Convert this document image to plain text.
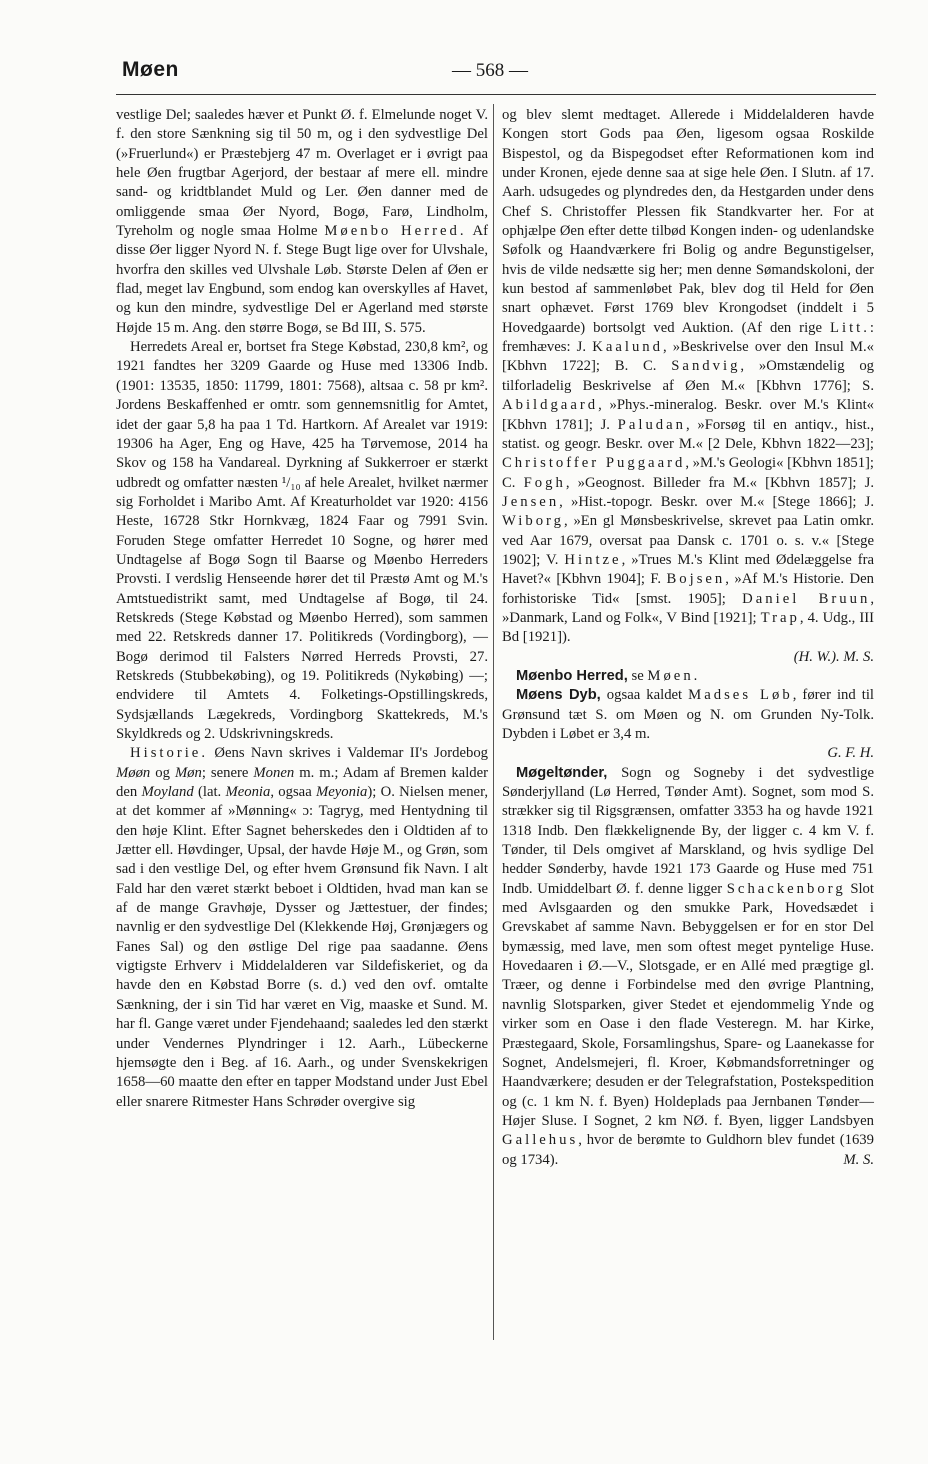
Møen	— 568 —

vestlige Del; saaledes hæver et Punkt Ø. f. Elmelunde noget V. f. den store Sænkning sig til 50 m, og i den sydvestlige Del (»Fruerlund«) er Præstebjerg 47 m. Overlaget er i øvrigt paa hele Øen frugtbar Agerjord, der bestaar af mere ell. mindre sand- og kridtblandet Muld og Ler. Øen danner med de omliggende smaa Øer Nyord, Bogø, Farø, Lindholm, Tyreholm og nogle smaa Holme Møenbo Herred. Af disse Øer ligger Nyord N. f. Stege Bugt lige over for Ulvshale, hvorfra den skilles ved Ulvshale Løb. Største Delen af Øen er flad, meget lav Engbund, som endog kan overskylles af Havet, og kun den mindre, sydvestlige Del er Agerland med største Højde 15 m. Ang. den større Bogø, se Bd III, S. 575.

Herredets Areal er, bortset fra Stege Købstad, 230,8 km², og 1921 fandtes her 3209 Gaarde og Huse med 13306 Indb. (1901: 13535, 1850: 11799, 1801: 7568), altsaa c. 58 pr km². Jordens Beskaffenhed er omtr. som gennemsnitlig for Amtet, idet der gaar 5,8 ha paa 1 Td. Hartkorn. Af Arealet var 1919: 19306 ha Ager, Eng og Have, 425 ha Tørvemose, 2014 ha Skov og 158 ha Vandareal. Dyrkning af Sukkerroer er stærkt udbredt og omfatter næsten ¹/₁₀ af hele Arealet, hvilket nærmer sig Forholdet i Maribo Amt. Af Kreaturholdet var 1920: 4156 Heste, 16728 Stkr Hornkvæg, 1824 Faar og 7991 Svin. Foruden Stege omfatter Herredet 10 Sogne, og hører med Undtagelse af Bogø Sogn til Baarse og Møenbo Herreders Provsti. I verdslig Henseende hører det til Præstø Amt og M.'s Amtstuedistrikt samt, med Undtagelse af Bogø, til 24. Retskreds (Stege Købstad og Møenbo Herred), som sammen med 22. Retskreds danner 17. Politikreds (Vordingborg), — Bogø derimod til Falsters Nørred Herreds Provsti, 27. Retskreds (Stubbekøbing), og 19. Politikreds (Nykøbing) —; endvidere til Amtets 4. Folketings-Opstillingskreds, Sydsjællands Lægekreds, Vordingborg Skattekreds, M.'s Skyldkreds og 2. Udskrivningskreds.

Historie. Øens Navn skrives i Valdemar II's Jordebog Møøn og Møn; senere Monen m. m.; Adam af Bremen kalder den Moyland (lat. Meonia, ogsaa Meyonia); O. Nielsen mener, at det kommer af »Mønning« ɔ: Tagryg, med Hentydning til den høje Klint. Efter Sagnet beherskedes den i Oldtiden af to Jætter ell. Høvdinger, Upsal, der havde Høje M., og Grøn, som sad i den vestlige Del, og efter hvem Grønsund fik Navn. I alt Fald har den været stærkt beboet i Oldtiden, hvad man kan se af de mange Gravhøje, Dysser og Jættestuer, der findes; navnlig er den sydvestlige Del (Klekkende Høj, Grønjægers og Fanes Sal) og den østlige Del rige paa saadanne. Øens vigtigste Erhverv i Middelalderen var Sildefiskeriet, og da havde den en Købstad Borre (s. d.) ved den ovf. omtalte Sænkning, der i sin Tid har været en Vig, maaske et Sund. M. har fl. Gange været under Fjendehaand; saaledes led den stærkt under Vendernes Plyndringer i 12. Aarh., Lübeckerne hjemsøgte den i Beg. af 16. Aarh., og under Svenskekrigen 1658—60 maatte den efter en tapper Modstand under Just Ebel eller snarere Ritmester Hans Schrøder overgive sig

og blev slemt medtaget. Allerede i Middelalderen havde Kongen stort Gods paa Øen, ligesom ogsaa Roskilde Bispestol, og da Bispegodset efter Reformationen kom ind under Kronen, ejede denne saa at sige hele Øen. I Slutn. af 17. Aarh. udsugedes og plyndredes den, da Hestgarden under dens Chef S. Christoffer Plessen fik Standkvarter her. For at ophjælpe Øen efter dette tilbød Kongen inden- og udenlandske Søfolk og Haandværkere fri Bolig og andre Begunstigelser, hvis de vilde nedsætte sig her; men denne Sømandskoloni, der kun bestod af sammenløbet Pak, blev dog til Held for Øen snart ophævet. Først 1769 blev Krongodset (inddelt i 5 Hovedgaarde) bortsolgt ved Auktion. (Af den rige Litt.: fremhæves: J. Kaalund, »Beskrivelse over den Insul M.« [Kbhvn 1722]; B. C. Sandvig, »Omstændelig og tilforladelig Beskrivelse af Øen M.« [Kbhvn 1776]; S. Abildgaard, »Phys.-mineralog. Beskr. over M.'s Klint« [Kbhvn 1781]; J. Paludan, »Forsøg til en antiqv., hist., statist. og geogr. Beskr. over M.« [2 Dele, Kbhvn 1822—23]; Christoffer Puggaard, »M.'s Geologi« [Kbhvn 1851]; C. Fogh, »Geognost. Billeder fra M.« [Kbhvn 1857]; J. Jensen, »Hist.-topogr. Beskr. over M.« [Stege 1866]; J. Wiborg, »En gl Mønsbeskrivelse, skrevet paa Latin omkr. ved Aar 1679, oversat paa Dansk c. 1701 o. s. v.« [Stege 1902]; V. Hintze, »Trues M.'s Klint med Ødelæggelse fra Havet?« [Kbhvn 1904]; F. Bojsen, »Af M.'s Historie. Den forhistoriske Tid« [smst. 1905]; Daniel Bruun, »Danmark, Land og Folk«, V Bind [1921]; Trap, 4. Udg., III Bd [1921]).

(H. W.). M. S.

Møenbo Herred, se Møen.

Møens Dyb, ogsaa kaldet Madses Løb, fører ind til Grønsund tæt S. om Møen og N. om Grunden Ny-Tolk. Dybden i Løbet er 3,4 m.

G. F. H.

Møgeltønder, Sogn og Sogneby i det sydvestlige Sønderjylland (Lø Herred, Tønder Amt). Sognet, som mod S. strækker sig til Rigsgrænsen, omfatter 3353 ha og havde 1921 1318 Indb. Den flækkelignende By, der ligger c. 4 km V. f. Tønder, til Dels omgivet af Marskland, og hvis sydlige Del hedder Sønderby, havde 1921 173 Gaarde og Huse med 751 Indb. Umiddelbart Ø. f. denne ligger Schackenborg Slot med Avlsgaarden og den smukke Park, Hovedsædet i Grevskabet af samme Navn. Bebyggelsen er for en stor Del bymæssig, med lave, men som oftest meget pyntelige Huse. Hovedaaren i Ø.—V., Slotsgade, er en Allé med prægtige gl. Træer, og denne i Forbindelse med den øvrige Plantning, navnlig Slotsparken, giver Stedet et ejendommelig Ynde og virker som en Oase i den flade Vesteregn. M. har Kirke, Præstegaard, Skole, Forsamlingshus, Spare- og Laanekasse for Sognet, Andelsmejeri, fl. Kroer, Købmandsforretninger og Haandværkere; desuden er der Telegrafstation, Postekspedition og (c. 1 km N. f. Byen) Holdeplads paa Jernbanen Tønder—Højer Sluse. I Sognet, 2 km NØ. f. Byen, ligger Landsbyen Gallehus, hvor de berømte to Guldhorn blev fundet (1639 og 1734).	M. S.
